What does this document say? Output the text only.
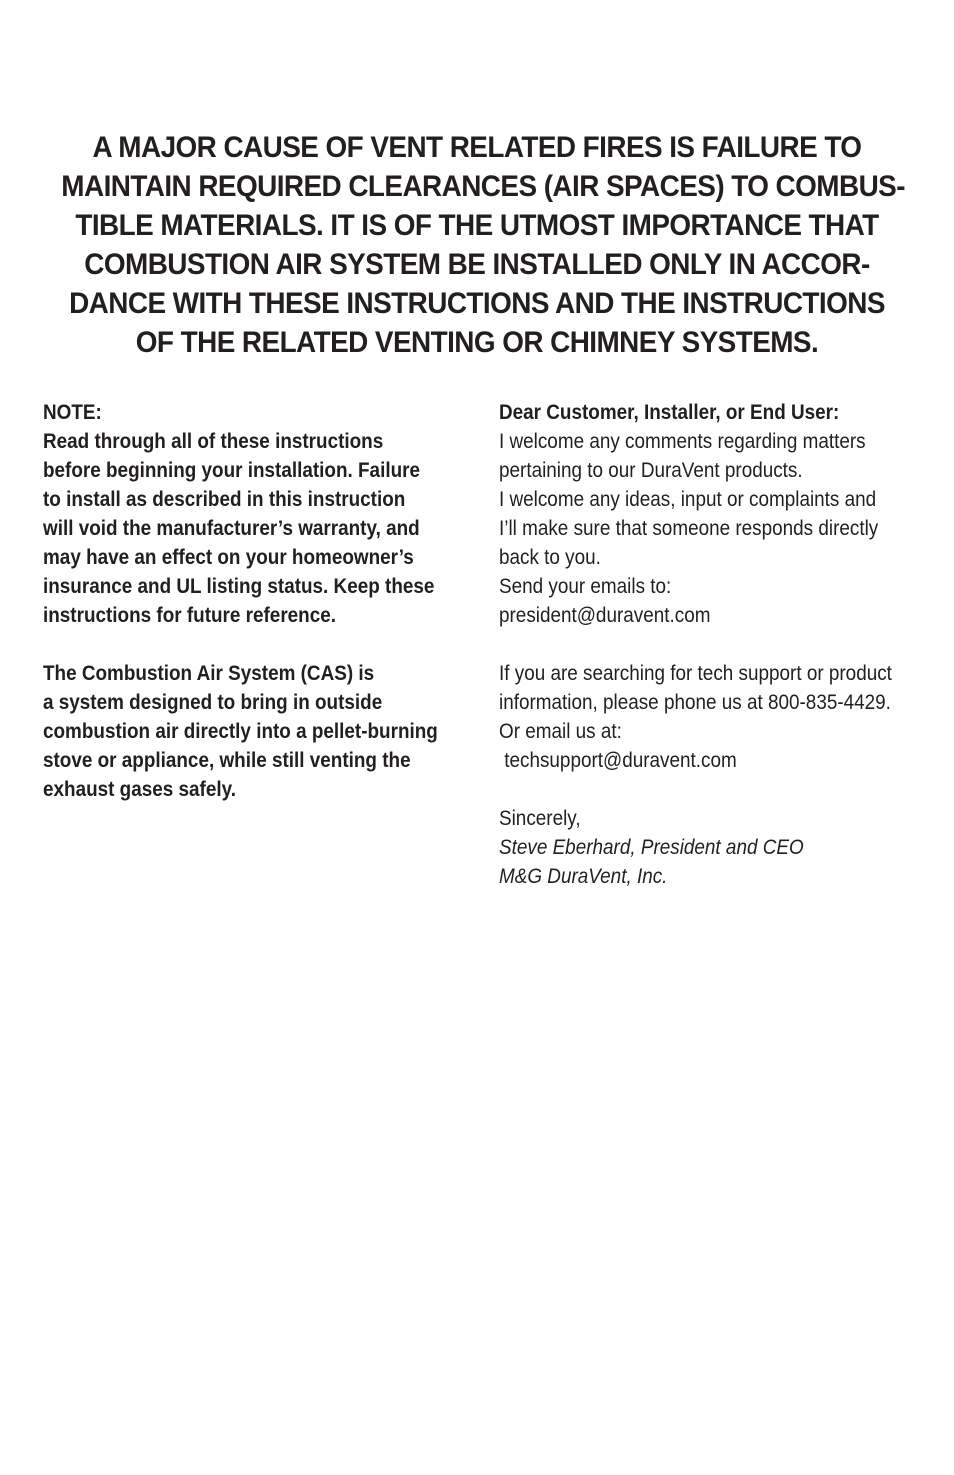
A MAJOR CAUSE OF VENT RELATED FIRES IS FAILURE TO
MAINTAIN REQUIRED CLEARANCES (AIR SPACES) TO COMBUS-
TIBLE MATERIALS. IT IS OF THE UTMOST IMPORTANCE THAT
COMBUSTION AIR SYSTEM BE INSTALLED ONLY IN ACCOR-
DANCE WITH THESE INSTRUCTIONS AND THE INSTRUCTIONS
OF THE RELATED VENTING OR CHIMNEY SYSTEMS.
NOTE:
Read through all of these instructions
before beginning your installation. Failure
to install as described in this instruction
will void the manufacturer’s warranty, and
may have an effect on your homeowner’s
insurance and UL listing status. Keep these
instructions for future reference.
The Combustion Air System (CAS) is
a system designed to bring in outside
combustion air directly into a pellet-burning
stove or appliance, while still venting the
exhaust gases safely.
Dear Customer, Installer, or End User:
I welcome any comments regarding matters
pertaining to our DuraVent products.
I welcome any ideas, input or complaints and
I’ll make sure that someone responds directly
back to you.
Send your emails to:
president@duravent.com
If you are searching for tech support or product
information, please phone us at 800-835-4429.
Or email us at:
techsupport@duravent.com
Sincerely,
Steve Eberhard, President and CEO
M&G DuraVent, Inc.
